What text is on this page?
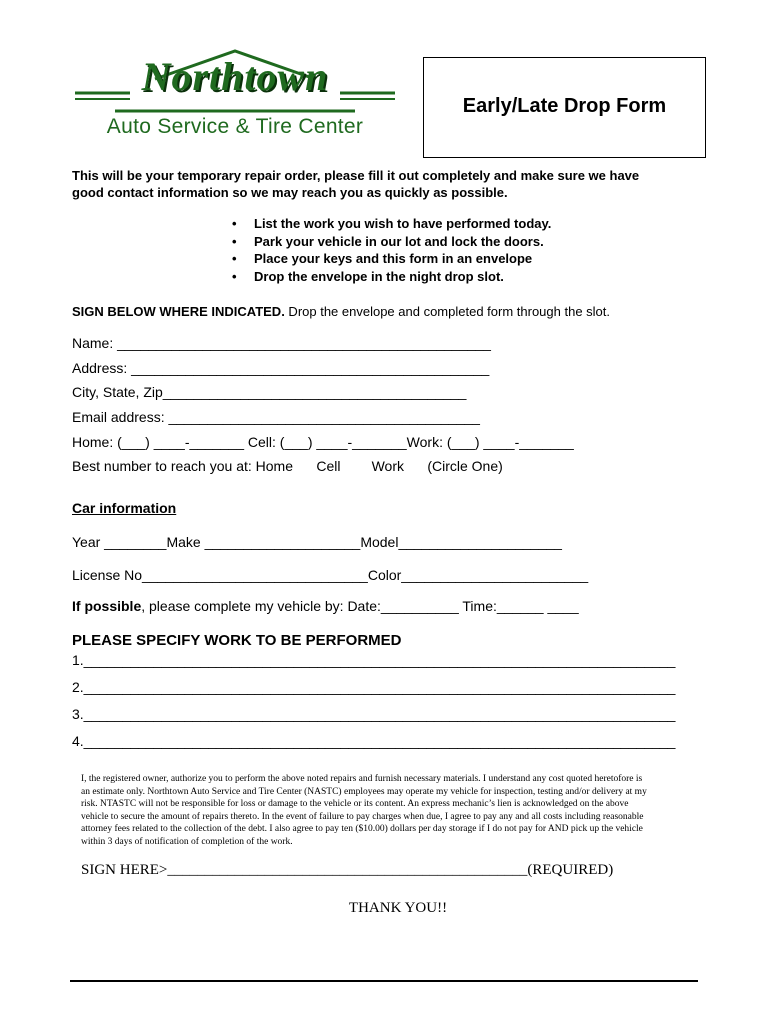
Northtown
Auto Service & Tire Center
Early/Late Drop Form
This will be your temporary repair order, please fill it out completely and make sure we have
good contact information so we may reach you as quickly as possible.
• List the work you wish to have performed today.
• Park your vehicle in our lot and lock the doors.
• Place your keys and this form in an envelope
• Drop the envelope in the night drop slot.
SIGN BELOW WHERE INDICATED. Drop the envelope and completed form through the slot.
Name: ________________________________________________
Address: ______________________________________________
City, State, Zip_______________________________________
Email address: ________________________________________
Home: (___) ____-_______ Cell: (___) ____-_______Work: (___) ____-_______
Best number to reach you at: Home      Cell        Work      (Circle One)
Car information
Year ________Make ____________________Model_____________________
License No_____________________________Color________________________
If possible, please complete my vehicle by: Date:__________ Time:______ ____
PLEASE SPECIFY WORK TO BE PERFORMED
1.____________________________________________________________________________
2.____________________________________________________________________________
3.____________________________________________________________________________
4.____________________________________________________________________________
I, the registered owner, authorize you to perform the above noted repairs and furnish necessary materials. I understand any cost quoted heretofore is
an estimate only. Northtown Auto Service and Tire Center (NASTC) employees may operate my vehicle for inspection, testing and/or delivery at my
risk. NTASTC will not be responsible for loss or damage to the vehicle or its content. An express mechanic’s lien is acknowledged on the above
vehicle to secure the amount of repairs thereto. In the event of failure to pay charges when due, I agree to pay any and all costs including reasonable
attorney fees related to the collection of the debt. I also agree to pay ten ($10.00) dollars per day storage if I do not pay for AND pick up the vehicle
within 3 days of notification of completion of the work.
SIGN HERE>________________________________________________(REQUIRED)
THANK YOU!!
